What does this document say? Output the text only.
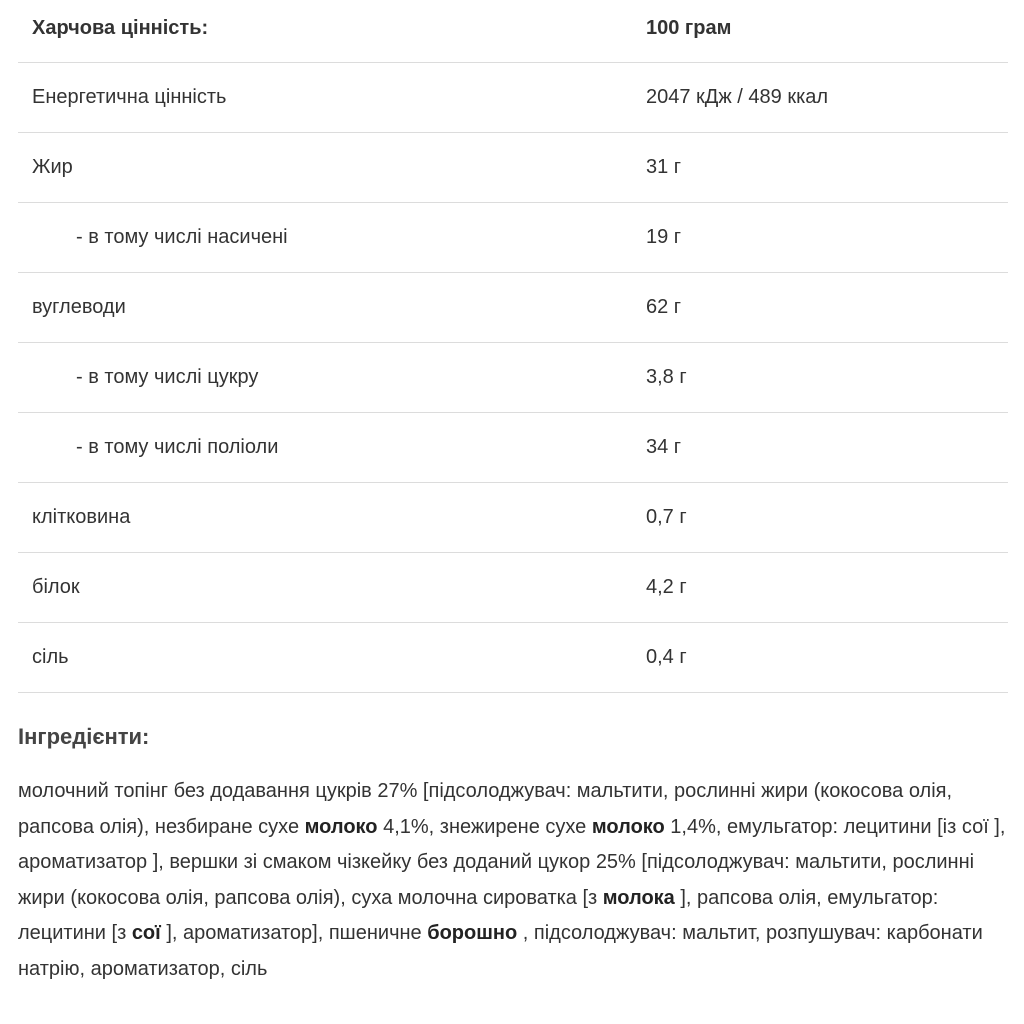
Харчова цінність:	100 грам
Енергетична цінність	2047 кДж / 489 ккал
Жир	31 г
- в тому числі насичені	19 г
вуглеводи	62 г
- в тому числі цукру	3,8 г
- в тому числі поліоли	34 г
клітковина	0,7 г
білок	4,2 г
сіль	0,4 г
Інгредієнти:

молочний топінг без додавання цукрів 27% [підсолоджувач: мальтити, рослинні жири (кокосова олія, рапсова олія), незбиране сухе молоко 4,1%, знежирене сухе молоко 1,4%, емульгатор: лецитини [із сої ], ароматизатор ], вершки зі смаком чізкейку без доданий цукор 25% [підсолоджувач: мальтити, рослинні жири (кокосова олія, рапсова олія), суха молочна сироватка [з молока ], рапсова олія, емульгатор: лецитини [з сої ], ароматизатор], пшеничне борошно , підсолоджувач: мальтит, розпушувач: карбонати натрію, ароматизатор, сіль
